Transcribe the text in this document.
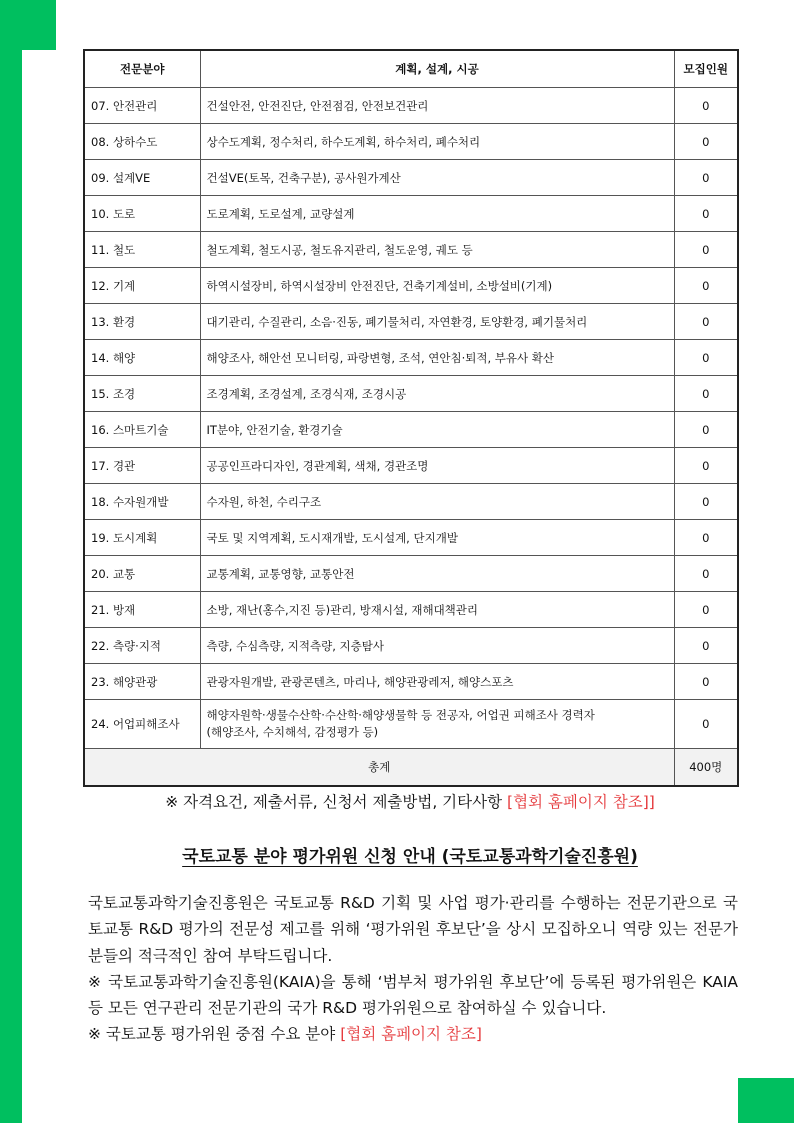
전문분야	계획, 설계, 시공	모집인원
07. 안전관리	건설안전, 안전진단, 안전점검, 안전보건관리	0
08. 상하수도	상수도계획, 정수처리, 하수도계획, 하수처리, 폐수처리	0
09. 설계VE	건설VE(토목, 건축구분), 공사원가계산	0
10. 도로	도로계획, 도로설계, 교량설계	0
11. 철도	철도계획, 철도시공, 철도유지관리, 철도운영, 궤도 등	0
12. 기계	하역시설장비, 하역시설장비 안전진단, 건축기계설비, 소방설비(기계)	0
13. 환경	대기관리, 수질관리, 소음·진동, 폐기물처리, 자연환경, 토양환경, 폐기물처리	0
14. 해양	해양조사, 해안선 모니터링, 파랑변형, 조석, 연안침·퇴적, 부유사 확산	0
15. 조경	조경계획, 조경설계, 조경식재, 조경시공	0
16. 스마트기술	IT분야, 안전기술, 환경기술	0
17. 경관	공공인프라디자인, 경관계획, 색채, 경관조명	0
18. 수자원개발	수자원, 하천, 수리구조	0
19. 도시계획	국토 및 지역계획, 도시재개발, 도시설계, 단지개발	0
20. 교통	교통계획, 교통영향, 교통안전	0
21. 방재	소방, 재난(홍수,지진 등)관리, 방재시설, 재해대책관리	0
22. 측량·지적	측량, 수심측량, 지적측량, 지층탐사	0
23. 해양관광	관광자원개발, 관광콘텐츠, 마리나, 해양관광레저, 해양스포츠	0
24. 어업피해조사	해양자원학·생물수산학·수산학·해양생물학 등 전공자, 어업권 피해조사 경력자
(해양조사, 수치해석, 감정평가 등)	0
총계		400명
※ 자격요건, 제출서류, 신청서 제출방법, 기타사항 [협회 홈페이지 참조]]
국토교통 분야 평가위원 신청 안내 (국토교통과학기술진흥원)

국토교통과학기술진흥원은 국토교통 R&D 기획 및 사업 평가·관리를 수행하는 전문기관으로 국토교통 R&D 평가의 전문성 제고를 위해 ‘평가위원 후보단’을 상시 모집하오니 역량 있는 전문가분들의 적극적인 참여 부탁드립니다.

※ 국토교통과학기술진흥원(KAIA)을 통해 ‘범부처 평가위원 후보단’에 등록된 평가위원은 KAIA 등 모든 연구관리 전문기관의 국가 R&D 평가위원으로 참여하실 수 있습니다.

※ 국토교통 평가위원 중점 수요 분야 [협회 홈페이지 참조]
